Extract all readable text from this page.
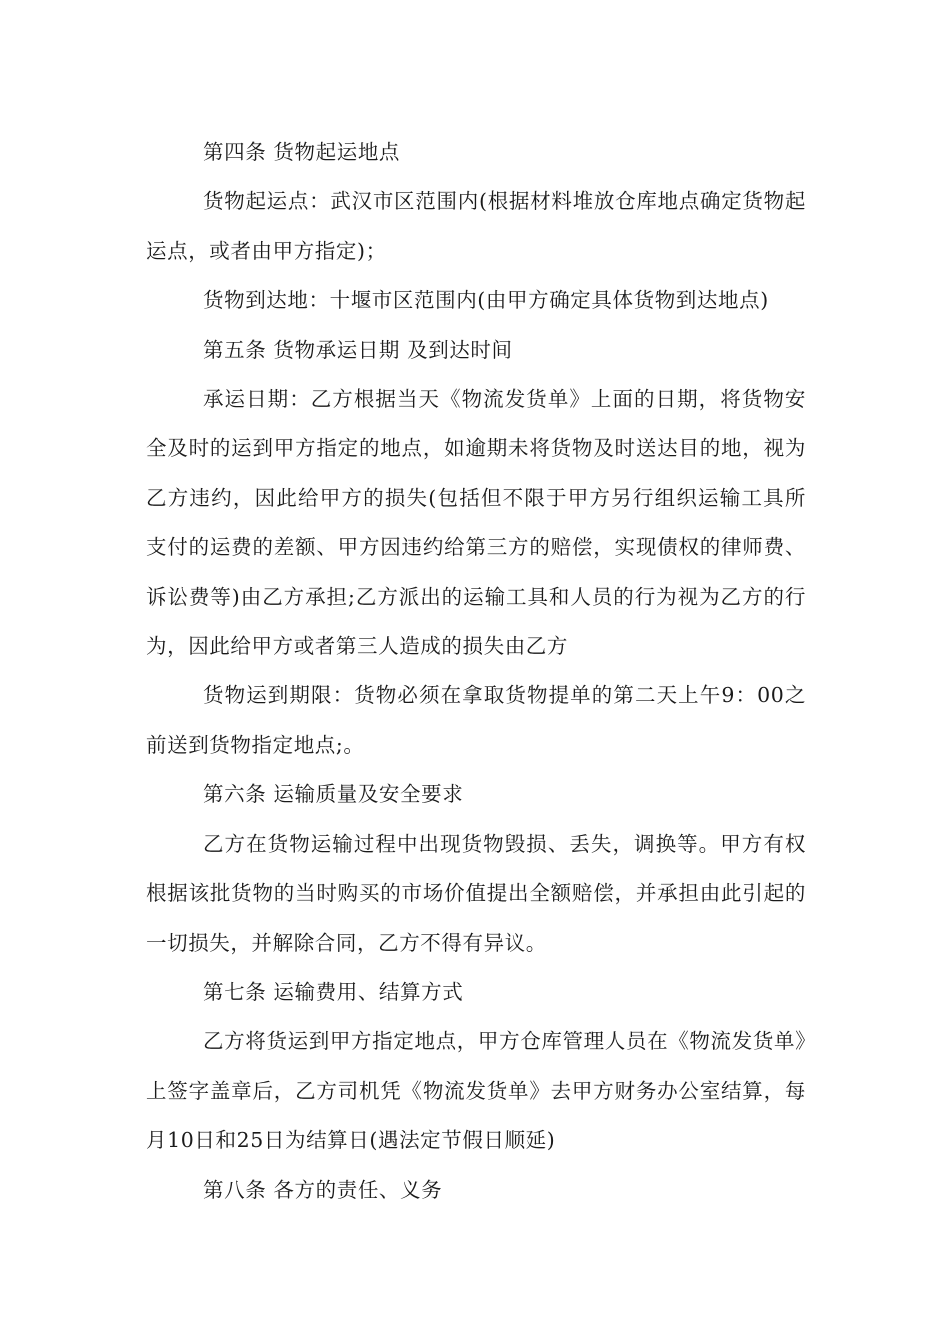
第四条 货物起运地点

货物起运点：武汉市区范围内(根据材料堆放仓库地点确定货物起运点，或者由甲方指定)；

货物到达地：十堰市区范围内(由甲方确定具体货物到达地点)

第五条 货物承运日期 及到达时间

承运日期：乙方根据当天《物流发货单》上面的日期，将货物安全及时的运到甲方指定的地点，如逾期未将货物及时送达目的地，视为乙方违约，因此给甲方的损失(包括但不限于甲方另行组织运输工具所支付的运费的差额、甲方因违约给第三方的赔偿，实现债权的律师费、诉讼费等)由乙方承担;乙方派出的运输工具和人员的行为视为乙方的行为，因此给甲方或者第三人造成的损失由乙方

货物运到期限：货物必须在拿取货物提单的第二天上午9：00之前送到货物指定地点;。

第六条 运输质量及安全要求

乙方在货物运输过程中出现货物毁损、丢失，调换等。甲方有权根据该批货物的当时购买的市场价值提出全额赔偿，并承担由此引起的一切损失，并解除合同，乙方不得有异议。

第七条 运输费用、结算方式

乙方将货运到甲方指定地点，甲方仓库管理人员在《物流发货单》上签字盖章后，乙方司机凭《物流发货单》去甲方财务办公室结算，每月10日和25日为结算日(遇法定节假日顺延)

第八条 各方的责任、义务
